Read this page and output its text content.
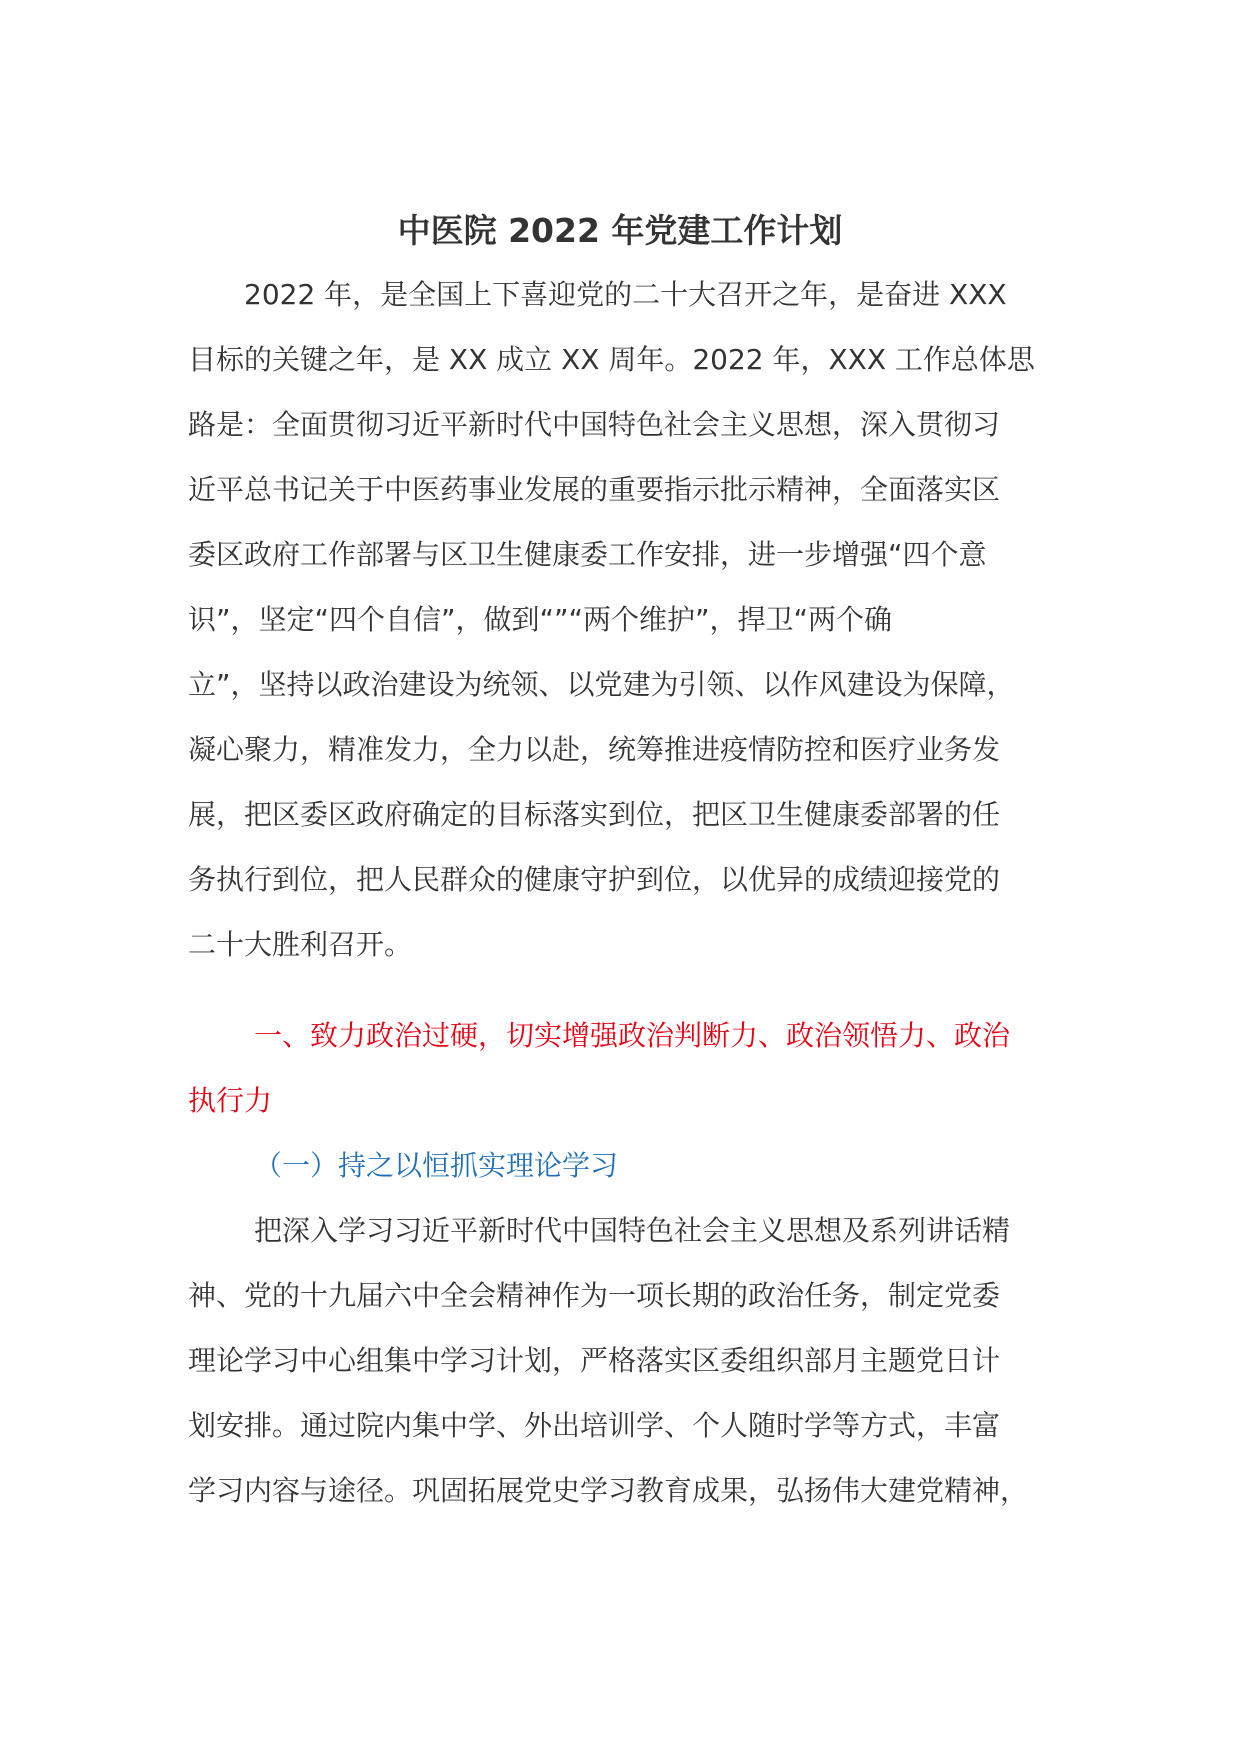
中医院 2022 年党建工作计划
2022 年，是全国上下喜迎党的二十大召开之年，是奋进 XXX
目标的关键之年，是 XX 成立 XX 周年。2022 年，XXX 工作总体思
路是：全面贯彻习近平新时代中国特色社会主义思想，深入贯彻习
近平总书记关于中医药事业发展的重要指示批示精神，全面落实区
委区政府工作部署与区卫生健康委工作安排，进一步增强“四个意
识”，坚定“四个自信”，做到“”“两个维护”，捍卫“两个确
立”，坚持以政治建设为统领、以党建为引领、以作风建设为保障，
凝心聚力，精准发力，全力以赴，统筹推进疫情防控和医疗业务发
展，把区委区政府确定的目标落实到位，把区卫生健康委部署的任
务执行到位，把人民群众的健康守护到位，以优异的成绩迎接党的
二十大胜利召开。
一、致力政治过硬，切实增强政治判断力、政治领悟力、政治
执行力
（一）持之以恒抓实理论学习
把深入学习习近平新时代中国特色社会主义思想及系列讲话精
神、党的十九届六中全会精神作为一项长期的政治任务，制定党委
理论学习中心组集中学习计划，严格落实区委组织部月主题党日计
划安排。通过院内集中学、外出培训学、个人随时学等方式，丰富
学习内容与途径。巩固拓展党史学习教育成果，弘扬伟大建党精神，
